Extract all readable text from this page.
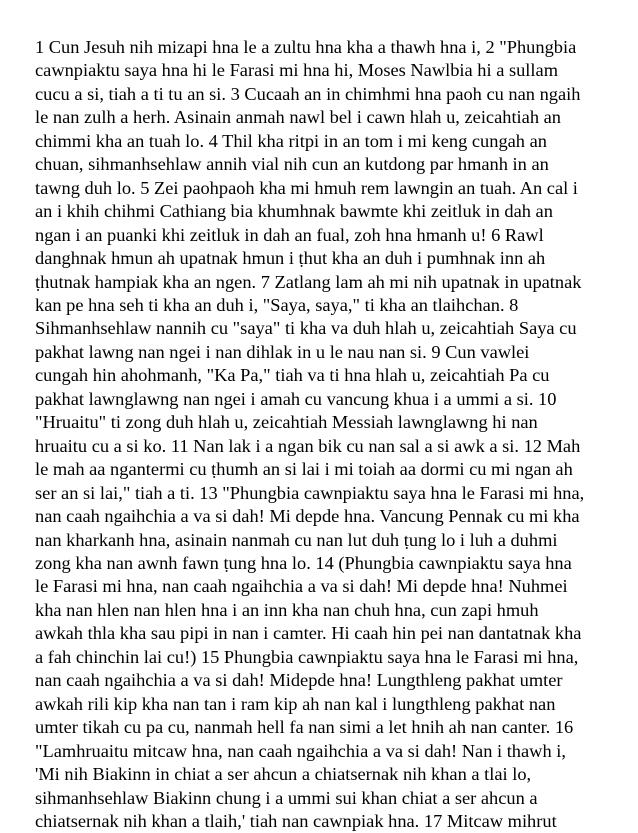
1 Cun Jesuh nih mizapi hna le a zultu hna kha a thawh hna i, 2 "Phungbia
cawnpiaktu saya hna hi le Farasi mi hna hi, Moses Nawlbia hi a sullam
cucu a si, tiah a ti tu an si. 3 Cucaah an in chimhmi hna paoh cu nan ngaih
le nan zulh a herh. Asinain anmah nawl bel i cawn hlah u, zeicahtiah an
chimmi kha an tuah lo. 4 Thil kha ritpi in an tom i mi keng cungah an
chuan, sihmanhsehlaw annih vial nih cun an kutdong par hmanh in an
tawng duh lo. 5 Zei paohpaoh kha mi hmuh rem lawngin an tuah. An cal i
an i khih chihmi Cathiang bia khumhnak bawmte khi zeitluk in dah an
ngan i an puanki khi zeitluk in dah an fual, zoh hna hmanh u! 6 Rawl
danghnak hmun ah upatnak hmun i ṭhut kha an duh i pumhnak inn ah
ṭhutnak hampiak kha an ngen. 7 Zatlang lam ah mi nih upatnak in upatnak
kan pe hna seh ti kha an duh i, "Saya, saya," ti kha an tlaihchan. 8
Sihmanhsehlaw nannih cu "saya" ti kha va duh hlah u, zeicahtiah Saya cu
pakhat lawng nan ngei i nan dihlak in u le nau nan si. 9 Cun vawlei
cungah hin ahohmanh, "Ka Pa," tiah va ti hna hlah u, zeicahtiah Pa cu
pakhat lawnglawng nan ngei i amah cu vancung khua i a ummi a si. 10
"Hruaitu" ti zong duh hlah u, zeicahtiah Messiah lawnglawng hi nan
hruaitu cu a si ko. 11 Nan lak i a ngan bik cu nan sal a si awk a si. 12 Mah
le mah aa ngantermi cu ṭhumh an si lai i mi toiah aa dormi cu mi ngan ah
ser an si lai," tiah a ti. 13 "Phungbia cawnpiaktu saya hna le Farasi mi hna,
nan caah ngaihchia a va si dah! Mi depde hna. Vancung Pennak cu mi kha
nan kharkanh hna, asinain nanmah cu nan lut duh ṭung lo i luh a duhmi
zong kha nan awnh fawn ṭung hna lo. 14 (Phungbia cawnpiaktu saya hna
le Farasi mi hna, nan caah ngaihchia a va si dah! Mi depde hna! Nuhmei
kha nan hlen nan hlen hna i an inn kha nan chuh hna, cun zapi hmuh
awkah thla kha sau pipi in nan i camter. Hi caah hin pei nan dantatnak kha
a fah chinchin lai cu!) 15 Phungbia cawnpiaktu saya hna le Farasi mi hna,
nan caah ngaihchia a va si dah! Midepde hna! Lungthleng pakhat umter
awkah rili kip kha nan tan i ram kip ah nan kal i lungthleng pakhat nan
umter tikah cu pa cu, nanmah hell fa nan simi a let hnih ah nan canter. 16
"Lamhruaitu mitcaw hna, nan caah ngaihchia a va si dah! Nan i thawh i,
'Mi nih Biakinn in chiat a ser ahcun a chiatsernak nih khan a tlai lo,
sihmanhsehlaw Biakinn chung i a ummi sui khan chiat a ser ahcun a
chiatsernak nih khan a tlaih,' tiah nan cawnpiak hna. 17 Mitcaw mihrut
